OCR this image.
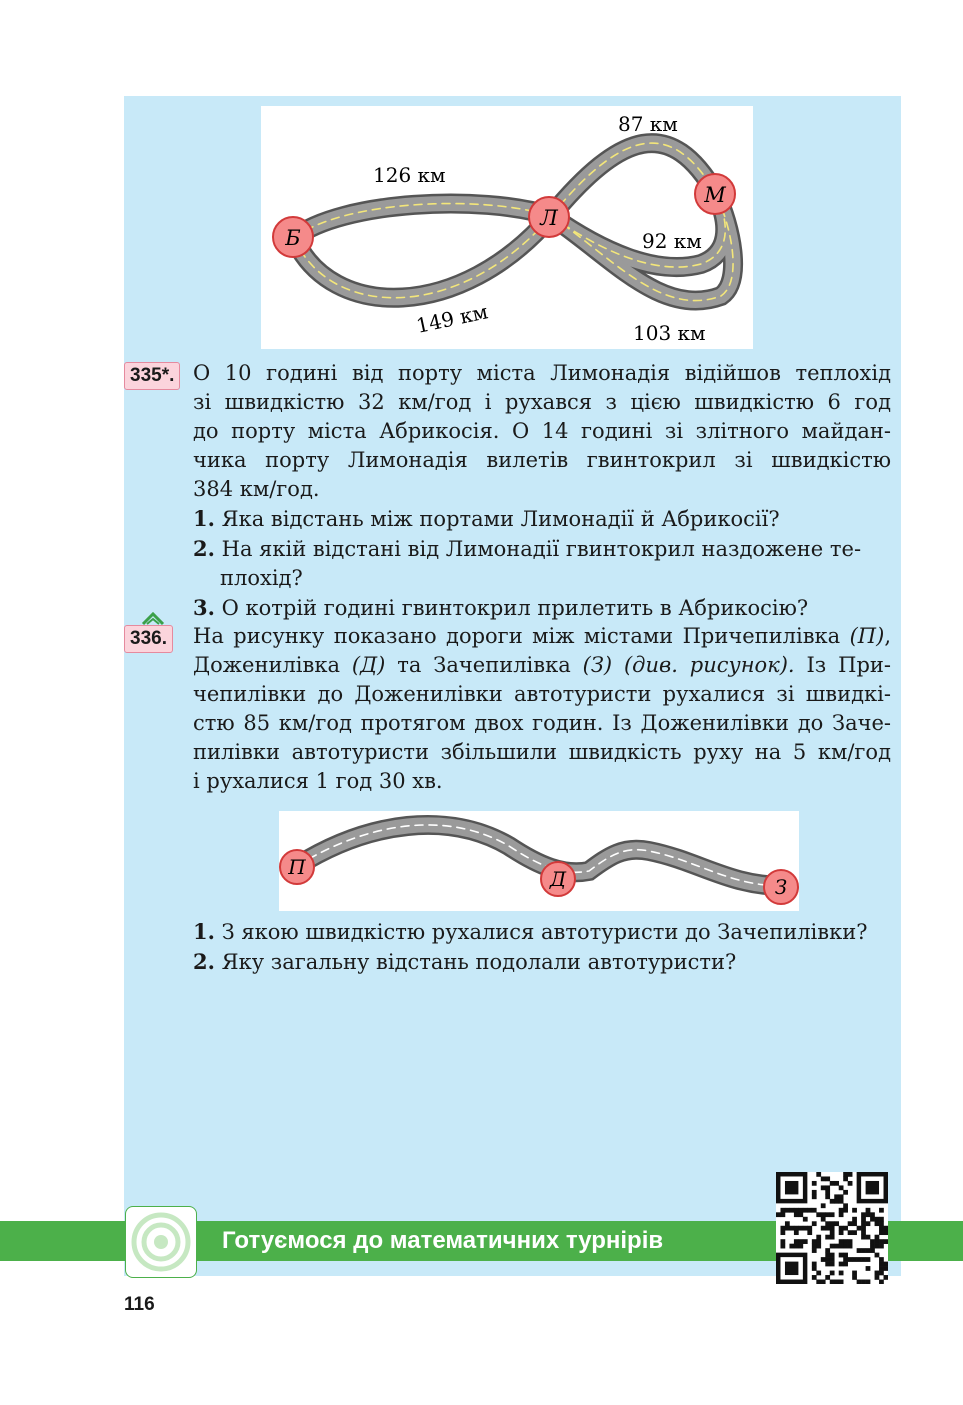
Б
Л
М
126 км
87 км
92 км
103 км
149 км
335*. О 10 годині від порту міста Лимонадія відійшов теплохід
зі швидкістю 32 км/год і рухався з цією швидкістю 6 год
до порту міста Абрикосія. О 14 годині зі злітного майдан-
чика порту Лимонадія вилетів гвинтокрил зі швидкістю
384 км/год.
1. Яка відстань між портами Лимонадії й Абрикосії?
2. На якій відстані від Лимонадії гвинтокрил наздожене те-
плохід?
3. О котрій годині гвинтокрил прилетить в Абрикосію?
336. На рисунку показано дороги між містами Причепилівка (П),
Доженилівка (Д) та Зачепилівка (З) (див. рисунок). Із При-
чепилівки до Доженилівки автотуристи рухалися зі швидкі-
стю 85 км/год протягом двох годин. Із Доженилівки до Заче-
пилівки автотуристи збільшили швидкість руху на 5 км/год
і рухалися 1 год 30 хв.
П	Д	З
1. З якою швидкістю рухалися автотуристи до Зачепилівки?
2. Яку загальну відстань подолали автотуристи?
Готуємося до математичних турнірів
116
